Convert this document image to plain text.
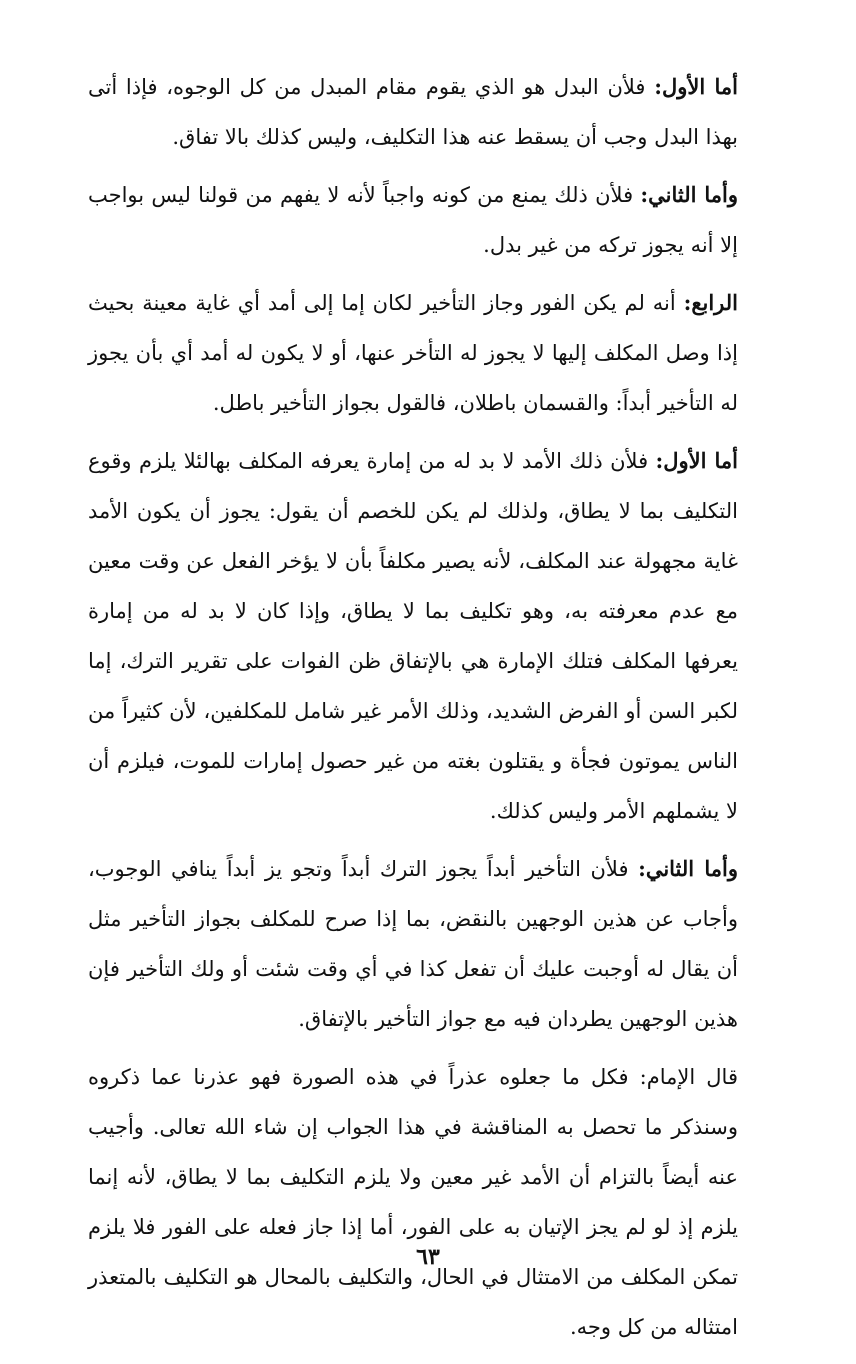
أما الأول: فلأن البدل هو الذي يقوم مقام المبدل من كل الوجوه، فإذا أتى بهذا البدل وجب أن يسقط عنه هذا التكليف، وليس كذلك بالا تفاق.

وأما الثاني: فلأن ذلك يمنع من كونه واجباً لأنه لا يفهم من قولنا ليس بواجب إلا أنه يجوز تركه من غير بدل.

الرابع: أنه لم يكن الفور وجاز التأخير لكان إما إلى أمد أي غاية معينة بحيث إذا وصل المكلف إليها لا يجوز له التأخر عنها، أو لا يكون له أمد أي بأن يجوز له التأخير أبداً: والقسمان باطلان، فالقول بجواز التأخير باطل.

أما الأول: فلأن ذلك الأمد لا بد له من إمارة يعرفه المكلف بهالئلا يلزم وقوع التكليف بما لا يطاق، ولذلك لم يكن للخصم أن يقول: يجوز أن يكون الأمد غاية مجهولة عند المكلف، لأنه يصير مكلفاً بأن لا يؤخر الفعل عن وقت معين مع عدم معرفته به، وهو تكليف بما لا يطاق، وإذا كان لا بد له من إمارة يعرفها المكلف فتلك الإمارة هي بالإتفاق ظن الفوات على تقرير الترك، إما لكبر السن أو الفرض الشديد، وذلك الأمر غير شامل للمكلفين، لأن كثيراً من الناس يموتون فجأة و يقتلون بغته من غير حصول إمارات للموت، فيلزم أن لا يشملهم الأمر وليس كذلك.

وأما الثاني: فلأن التأخير أبداً يجوز الترك أبداً وتجو يز أبداً ينافي الوجوب، وأجاب عن هذين الوجهين بالنقض، بما إذا صرح للمكلف بجواز التأخير مثل أن يقال له أوجبت عليك أن تفعل كذا في أي وقت شئت أو ولك التأخير فإن هذين الوجهين يطردان فيه مع جواز التأخير بالإتفاق.

قال الإمام: فكل ما جعلوه عذراً في هذه الصورة فهو عذرنا عما ذكروه وسنذكر ما تحصل به المناقشة في هذا الجواب إن شاء الله تعالى. وأجيب عنه أيضاً بالتزام أن الأمد غير معين ولا يلزم التكليف بما لا يطاق، لأنه إنما يلزم إذ لو لم يجز الإتيان به على الفور، أما إذا جاز فعله على الفور فلا يلزم تمكن المكلف من الامتثال في الحال، والتكليف بالمحال هو التكليف بالمتعذر امتثاله من كل وجه.

٦٣
